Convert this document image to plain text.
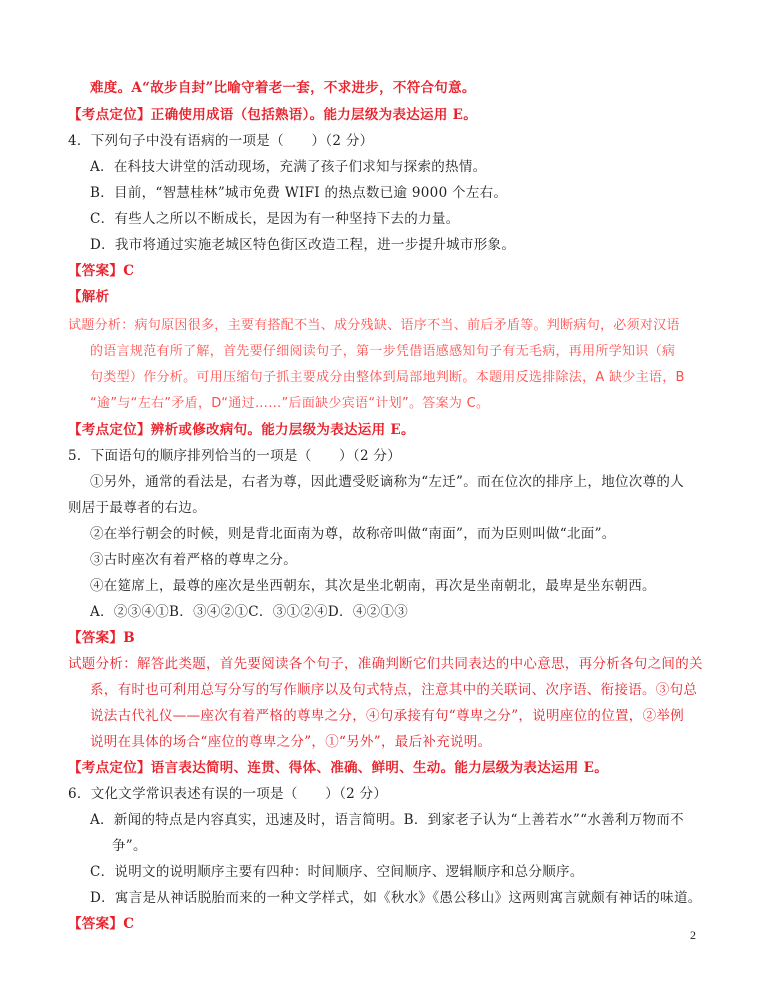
难度。A“故步自封”比喻守着老一套，不求进步，不符合句意。
【考点定位】正确使用成语（包括熟语）。能力层级为表达运用 E。
4．下列句子中没有语病的一项是（　　）（2 分）
A．在科技大讲堂的活动现场，充满了孩子们求知与探索的热情。
B．目前，“智慧桂林”城市免费 WIFI 的热点数已逾 9000 个左右。
C．有些人之所以不断成长，是因为有一种坚持下去的力量。
D．我市将通过实施老城区特色街区改造工程，进一步提升城市形象。
【答案】C
【解析
试题分析：病句原因很多，主要有搭配不当、成分残缺、语序不当、前后矛盾等。判断病句，必须对汉语
的语言规范有所了解，首先要仔细阅读句子，第一步凭借语感感知句子有无毛病，再用所学知识（病
句类型）作分析。可用压缩句子抓主要成分由整体到局部地判断。本题用反选排除法，A 缺少主语，B
“逾”与“左右”矛盾，D“通过……”后面缺少宾语“计划”。答案为 C。
【考点定位】辨析或修改病句。能力层级为表达运用 E。
5．下面语句的顺序排列恰当的一项是（　　）（2 分）
①另外，通常的看法是，右者为尊，因此遭受贬谪称为“左迁”。而在位次的排序上，地位次尊的人
则居于最尊者的右边。
②在举行朝会的时候，则是背北面南为尊，故称帝叫做“南面”，而为臣则叫做“北面”。
③古时座次有着严格的尊卑之分。
④在筵席上，最尊的座次是坐西朝东，其次是坐北朝南，再次是坐南朝北，最卑是坐东朝西。
A．②③④①B．③④②①C．③①②④D．④②①③
【答案】B
试题分析：解答此类题，首先要阅读各个句子，准确判断它们共同表达的中心意思，再分析各句之间的关
系，有时也可利用总写分写的写作顺序以及句式特点，注意其中的关联词、次序语、衔接语。③句总
说法古代礼仪——座次有着严格的尊卑之分，④句承接有句“尊卑之分”，说明座位的位置，②举例
说明在具体的场合“座位的尊卑之分”，①“另外”，最后补充说明。
【考点定位】语言表达简明、连贯、得体、准确、鲜明、生动。能力层级为表达运用 E。
6．文化文学常识表述有误的一项是（　　）（2 分）
A．新闻的特点是内容真实，迅速及时，语言简明。B．到家老子认为“上善若水”“水善利万物而不
争”。
C．说明文的说明顺序主要有四种：时间顺序、空间顺序、逻辑顺序和总分顺序。
D．寓言是从神话脱胎而来的一种文学样式，如《秋水》《愚公移山》这两则寓言就颇有神话的味道。
【答案】C
2
